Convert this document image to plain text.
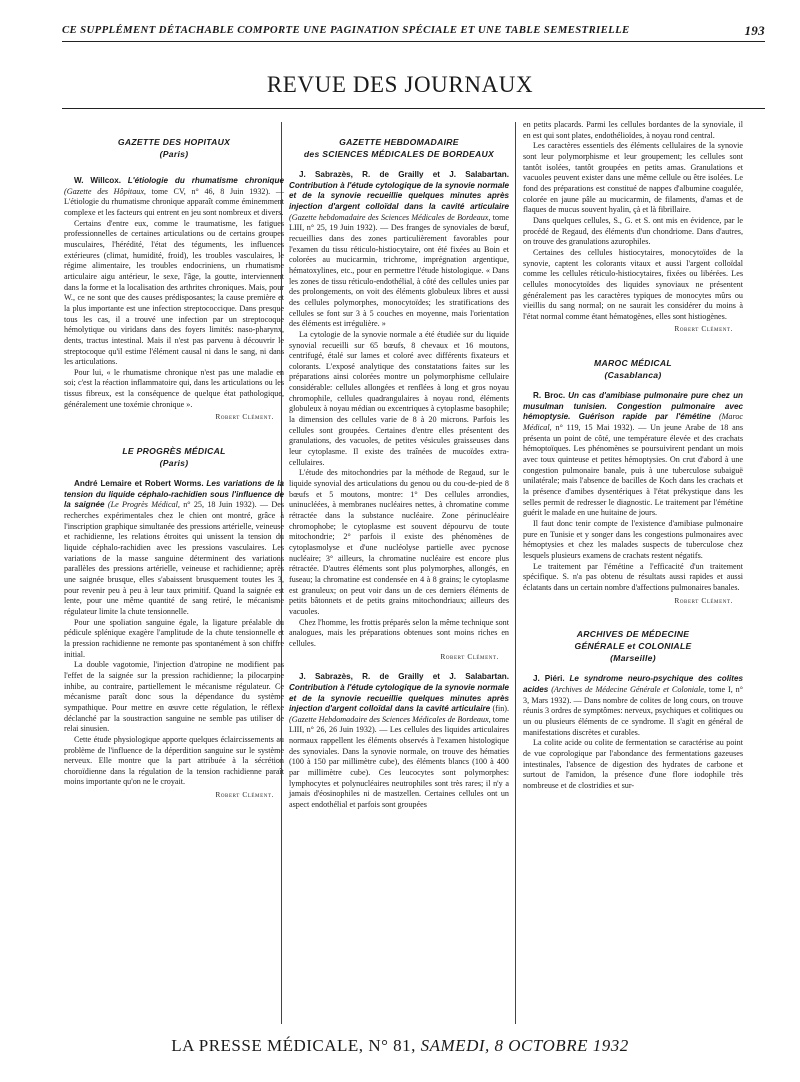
CE SUPPLÉMENT DÉTACHABLE COMPORTE UNE PAGINATION SPÉCIALE ET UNE TABLE SEMESTRIELLE	193
REVUE DES JOURNAUX
GAZETTE DES HOPITAUX
(Paris)

W. Willcox. L'étiologie du rhumatisme chronique (Gazette des Hôpitaux, tome CV, n° 46, 8 Juin 1932). — L'étiologie du rhumatisme chronique apparaît comme éminemment complexe et les facteurs qui entrent en jeu sont nombreux et divers.

Certains d'entre eux, comme le traumatisme, les fatigues professionnelles de certaines articulations ou de certains groupes musculaires, l'hérédité, l'état des téguments, les influences extérieures (climat, humidité, froid), les troubles vasculaires, le régime alimentaire, les troubles endocriniens, un rhumatisme articulaire aigu antérieur, le sexe, l'âge, la goutte, interviennent dans la forme et la localisation des arthrites chroniques. Mais, pour W., ce ne sont que des causes prédisposantes; la cause première et la plus importante est une infection streptococcique. Dans presque tous les cas, il a trouvé une infection par un streptocoque hémolytique ou viridans dans des foyers limités: naso-pharynx, dents, tractus intestinal. Mais il n'est pas parvenu à découvrir le streptocoque qu'il estime l'élément causal ni dans le sang, ni dans les articulations.

Pour lui, « le rhumatisme chronique n'est pas une maladie en soi; c'est la réaction inflammatoire qui, dans les articulations ou les tissus fibreux, est la conséquence de quelque état pathologique, généralement une toxémie chronique ».

Robert Clément.
LE PROGRÈS MÉDICAL
(Paris)

André Lemaire et Robert Worms. Les variations de la tension du liquide céphalo-rachidien sous l'influence de la saignée (Le Progrès Médical, n° 25, 18 Juin 1932). — Des recherches expérimentales chez le chien ont montré, grâce à l'inscription graphique simultanée des pressions artérielle, veineuse et rachidienne, les relations étroites qui unissent la tension du liquide céphalo-rachidien avec les pressions vasculaires. Les variations de la masse sanguine déterminent des variations parallèles des pressions artérielle, veineuse et rachidienne; après une saignée brusque, elles s'abaissent brusquement toutes les 3, pour revenir peu à peu à leur taux primitif. Quand la saignée est lente, pour une même quantité de sang retiré, le mécanisme régulateur limite la chute tensionnelle.

Pour une spoliation sanguine égale, la ligature préalable du pédicule splénique exagère l'amplitude de la chute tensionnelle et la pression rachidienne ne remonte pas spontanément à son chiffre initial.

La double vagotomie, l'injection d'atropine ne modifient pas l'effet de la saignée sur la pression rachidienne; la pilocarpine inhibe, au contraire, partiellement le mécanisme régulateur. Ce mécanisme paraît donc sous la dépendance du système sympathique. Pour mettre en œuvre cette régulation, le réflexe déclanché par la soustraction sanguine ne semble pas utiliser de relai sinusien.

Cette étude physiologique apporte quelques éclaircissements au problème de l'influence de la déperdition sanguine sur le système nerveux. Elle montre que la part attribuée à la sécrétion choroïdienne dans la régulation de la tension rachidienne paraît moins importante qu'on ne le croyait.

Robert Clément.
GAZETTE HEBDOMADAIRE
des SCIENCES MÉDICALES DE BORDEAUX

J. Sabrazès, R. de Grailly et J. Salabartan. Contribution à l'étude cytologique de la synovie normale et de la synovie recueillie quelques minutes après injection d'argent colloïdal dans la cavité articulaire (Gazette hebdomadaire des Sciences Médicales de Bordeaux, tome LIII, n° 25, 19 Juin 1932). — Des franges de synoviales de bœuf, recueillies dans des zones particulièrement favorables pour l'examen du tissu réticulo-histiocytaire, ont été fixées au Boin et colorées au mucicarmin, trichrome, imprégnation argentique, hématoxylines, etc., pour en permettre l'étude histologique. « Dans les zones de tissu réticulo-endothélial, à côté des cellules unies par des prolongements, on voit des éléments globuleux libres et aussi des cellules polymorphes, monocytoïdes; les stratifications des cellules se font sur 3 à 5 couches en moyenne, mais l'orientation des éléments est irrégulière. »

La cytologie de la synovie normale a été étudiée sur du liquide synovial recueilli sur 65 bœufs, 8 chevaux et 16 moutons, centrifugé, étalé sur lames et coloré avec différents fixateurs et colorants. L'exposé analytique des constatations faites sur les préparations ainsi colorées montre un polymorphisme cellulaire considérable: cellules allongées et renflées à long et gros noyau chromophile, cellules quadrangulaires à noyau rond, éléments globuleux à noyau médian ou excentriques à cytoplasme basophile; la dimension des cellules varie de 8 à 20 microns. Parfois les cellules sont groupées. Certaines d'entre elles présentent des granulations, des vacuoles, de petites vésicules graisseuses dans leur cytoplasme. Il existe des traînées de mucoïdes extra-cellulaires.

L'étude des mitochondries par la méthode de Regaud, sur le liquide synovial des articulations du genou ou du cou-de-pied de 8 bœufs et 5 moutons, montre: 1° Des cellules arrondies, uninucléées, à membranes nucléaires nettes, à chromatine comme rétractée dans la substance nucléaire. Zone périnucléaire chromophobe; le cytoplasme est souvent dépourvu de toute mitochondrie; 2° parfois il existe des phénomènes de cytoplasmolyse et d'une nucléolyse partielle avec pycnose nucléaire; 3° ailleurs, la chromatine nucléaire est encore plus rétractée. D'autres éléments sont plus polymorphes, allongés, en fuseau; la chromatine est condensée en 4 à 8 grains; le cytoplasme est granuleux; on peut voir dans un de ces derniers éléments de petits bâtonnets et de petits grains mitochondriaux; ailleurs des vacuoles.

Chez l'homme, les frottis préparés selon la même technique sont analogues, mais les préparations obtenues sont moins riches en cellules.

Robert Clément.

J. Sabrazès, R. de Grailly et J. Salabartan. Contribution à l'étude cytologique de la synovie normale et de la synovie recueillie quelques minutes après injection d'argent colloïdal dans la cavité articulaire (fin). (Gazette Hebdomadaire des Sciences Médicales de Bordeaux, tome LIII, n° 26, 26 Juin 1932). — Les cellules des liquides articulaires normaux rappellent les éléments observés à l'examen histologique des synoviales. Dans la synovie normale, on trouve des hématies (100 à 150 par millimètre cube), des éléments blancs (100 à 400 par millimètre cube). Ces leucocytes sont polymorphes: lymphocytes et polynucléaires neutrophiles sont très rares; il n'y a jamais d'éosinophiles ni de mastzellen. Certaines cellules ont un aspect endothélial et parfois sont groupées

en petits placards. Parmi les cellules bordantes de la synoviale, il en est qui sont plates, endothélioïdes, à noyau rond central.

Les caractères essentiels des éléments cellulaires de la synovie sont leur polymorphisme et leur groupement; les cellules sont tantôt isolées, tantôt groupées en petits amas. Granulations et vacuoles peuvent exister dans une même cellule ou être isolées. Le fond des préparations est constitué de nappes d'albumine coagulée, colorée en jaune pâle au mucicarmin, de filaments, d'amas et de flaques de mucus souvent hyalin, çà et là fibrillaire.

Dans quelques cellules, S., G. et S. ont mis en évidence, par le procédé de Regaud, des éléments d'un chondriome. Dans d'autres, on trouve des granulations azurophiles.

Certaines des cellules histiocytaires, monocytoïdes de la synovie, captent les colorants vitaux et aussi l'argent colloïdal comme les cellules réticulo-histiocytaires, fixées ou libérées. Les cellules monocytoïdes des liquides synoviaux ne présentent généralement pas les caractères typiques de monocytes mûrs ou vieillis du sang normal; on ne saurait les considérer du moins à l'état normal comme étant hématogènes, elles sont histiogènes.

Robert Clément.
MAROC MÉDICAL
(Casablanca)

R. Broc. Un cas d'amibiase pulmonaire pure chez un musulman tunisien. Congestion pulmonaire avec hémoptysie. Guérison rapide par l'émétine (Maroc Médical, n° 119, 15 Mai 1932). — Un jeune Arabe de 18 ans présenta un point de côté, une température élevée et des crachats hémoptoïques. Les phénomènes se poursuivirent pendant un mois avec toux quinteuse et petites hémoptysies. On crut d'abord à une congestion pulmonaire banale, puis à une tuberculose subaiguë unilatérale; mais l'absence de bacilles de Koch dans les crachats et la présence d'amibes dysentériques à l'état prékystique dans les selles permit de redresser le diagnostic. Le traitement par l'émétine guérit le malade en une huitaine de jours.

Il faut donc tenir compte de l'existence d'amibiase pulmonaire pure en Tunisie et y songer dans les congestions pulmonaires avec hémoptysies et chez les malades suspects de tuberculose chez lesquels plusieurs examens de crachats restent négatifs.

Le traitement par l'émétine a l'efficacité d'un traitement spécifique. S. n'a pas obtenu de résultats aussi rapides et aussi éclatants dans un certain nombre d'affections pulmonaires banales.

Robert Clément.
ARCHIVES DE MÉDECINE
GÉNÉRALE et COLONIALE
(Marseille)

J. Piéri. Le syndrome neuro-psychique des colites acides (Archives de Médecine Générale et Coloniale, tome I, n° 3, Mars 1932). — Dans nombre de colites de long cours, on trouve réunis 3 ordres de symptômes: nerveux, psychiques et colitiques ou un ou plusieurs éléments de ce syndrome. Il s'agit en général de manifestations discrètes et curables.

La colite acide ou colite de fermentation se caractérise au point de vue coprologique par l'abondance des fermentations gazeuses intestinales, l'absence de digestion des hydrates de carbone et surtout de l'amidon, la présence d'une flore iodophile très nombreuse et de clostridies et sur-

LA PRESSE MÉDICALE, N° 81, SAMEDI, 8 OCTOBRE 1932
